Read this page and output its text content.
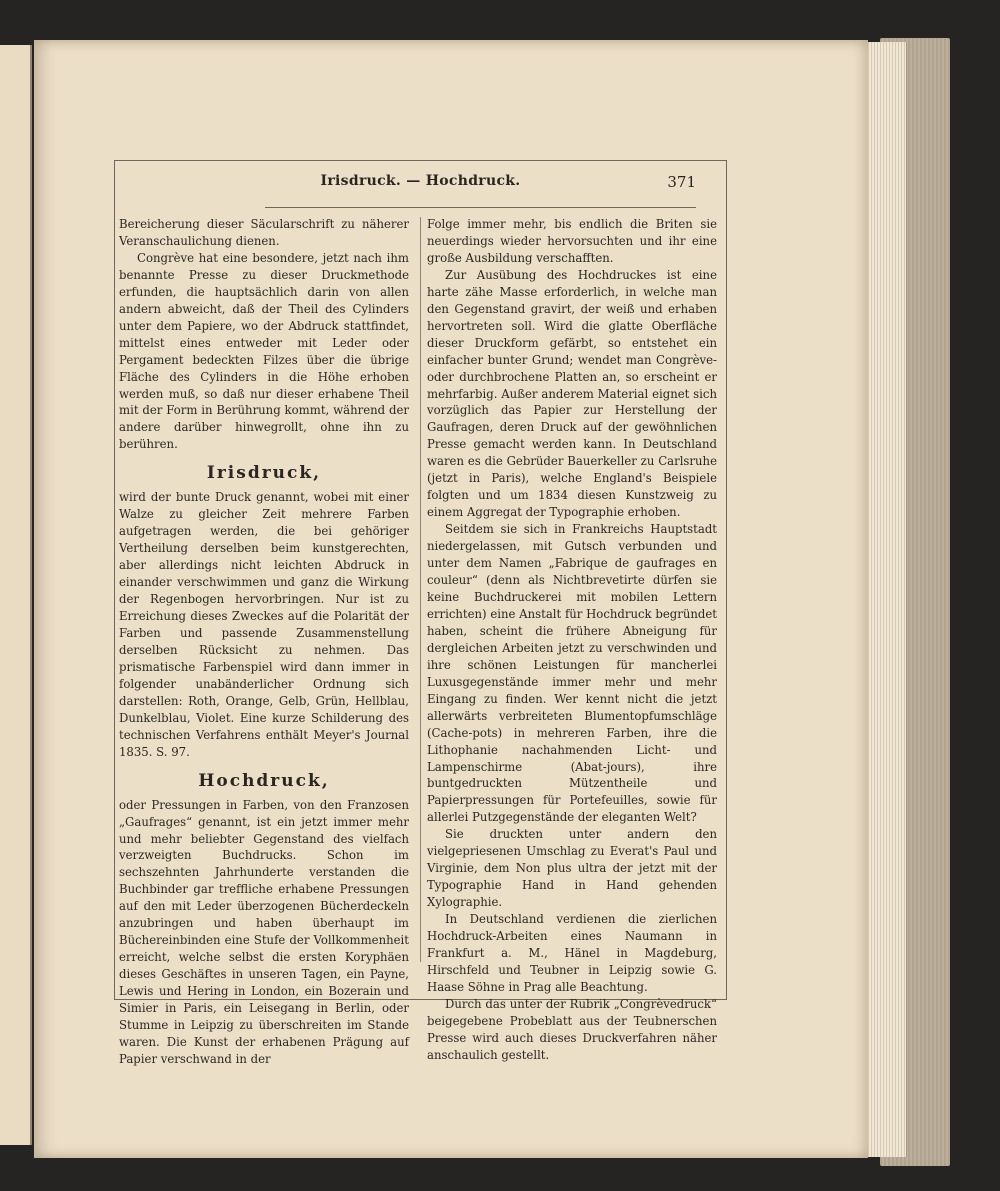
Irisdruck. — Hochdruck.	371

Bereicherung dieser Säcularschrift zu näherer Veranschaulichung dienen.

Congrève hat eine besondere, jetzt nach ihm benannte Presse zu dieser Druckmethode erfunden, die hauptsächlich darin von allen andern abweicht, daß der Theil des Cylinders unter dem Papiere, wo der Abdruck stattfindet, mittelst eines entweder mit Leder oder Pergament bedeckten Filzes über die übrige Fläche des Cylinders in die Höhe erhoben werden muß, so daß nur dieser erhabene Theil mit der Form in Berührung kommt, während der andere darüber hinwegrollt, ohne ihn zu berühren.

Irisdruck,

wird der bunte Druck genannt, wobei mit einer Walze zu gleicher Zeit mehrere Farben aufgetragen werden, die bei gehöriger Vertheilung derselben beim kunstgerechten, aber allerdings nicht leichten Abdruck in einander verschwimmen und ganz die Wirkung der Regenbogen hervorbringen. Nur ist zu Erreichung dieses Zweckes auf die Polarität der Farben und passende Zusammenstellung derselben Rücksicht zu nehmen. Das prismatische Farbenspiel wird dann immer in folgender unabänderlicher Ordnung sich darstellen: Roth, Orange, Gelb, Grün, Hellblau, Dunkelblau, Violet. Eine kurze Schilderung des technischen Verfahrens enthält Meyer's Journal 1835. S. 97.

Hochdruck,

oder Pressungen in Farben, von den Franzosen „Gaufrages“ genannt, ist ein jetzt immer mehr und mehr beliebter Gegenstand des vielfach verzweigten Buchdrucks. Schon im sechszehnten Jahrhunderte verstanden die Buchbinder gar treffliche erhabene Pressungen auf den mit Leder überzogenen Bücherdeckeln anzubringen und haben überhaupt im Büchereinbinden eine Stufe der Vollkommenheit erreicht, welche selbst die ersten Koryphäen dieses Geschäftes in unseren Tagen, ein Payne, Lewis und Hering in London, ein Bozerain und Simier in Paris, ein Leisegang in Berlin, oder Stumme in Leipzig zu überschreiten im Stande waren. Die Kunst der erhabenen Prägung auf Papier verschwand in der

Folge immer mehr, bis endlich die Briten sie neuerdings wieder hervorsuchten und ihr eine große Ausbildung verschafften.

Zur Ausübung des Hochdruckes ist eine harte zähe Masse erforderlich, in welche man den Gegenstand gravirt, der weiß und erhaben hervortreten soll. Wird die glatte Oberfläche dieser Druckform gefärbt, so entstehet ein einfacher bunter Grund; wendet man Congrève- oder durchbrochene Platten an, so erscheint er mehrfarbig. Außer anderem Material eignet sich vorzüglich das Papier zur Herstellung der Gaufragen, deren Druck auf der gewöhnlichen Presse gemacht werden kann. In Deutschland waren es die Gebrüder Bauerkeller zu Carlsruhe (jetzt in Paris), welche England's Beispiele folgten und um 1834 diesen Kunstzweig zu einem Aggregat der Typographie erhoben.

Seitdem sie sich in Frankreichs Hauptstadt niedergelassen, mit Gutsch verbunden und unter dem Namen „Fabrique de gaufrages en couleur“ (denn als Nichtbrevetirte dürfen sie keine Buchdruckerei mit mobilen Lettern errichten) eine Anstalt für Hochdruck begründet haben, scheint die frühere Abneigung für dergleichen Arbeiten jetzt zu verschwinden und ihre schönen Leistungen für mancherlei Luxusgegenstände immer mehr und mehr Eingang zu finden. Wer kennt nicht die jetzt allerwärts verbreiteten Blumentopfumschläge (Cache-pots) in mehreren Farben, ihre die Lithophanie nachahmenden Licht- und Lampenschirme (Abat-jours), ihre buntgedruckten Mützentheile und Papierpressungen für Portefeuilles, sowie für allerlei Putzgegenstände der eleganten Welt?

Sie druckten unter andern den vielgepriesenen Umschlag zu Everat's Paul und Virginie, dem Non plus ultra der jetzt mit der Typographie Hand in Hand gehenden Xylographie.

In Deutschland verdienen die zierlichen Hochdruck-Arbeiten eines Naumann in Frankfurt a. M., Hänel in Magdeburg, Hirschfeld und Teubner in Leipzig sowie G. Haase Söhne in Prag alle Beachtung.

Durch das unter der Rubrik „Congrèvedruck“ beigegebene Probeblatt aus der Teubnerschen Presse wird auch dieses Druckverfahren näher anschaulich gestellt.
